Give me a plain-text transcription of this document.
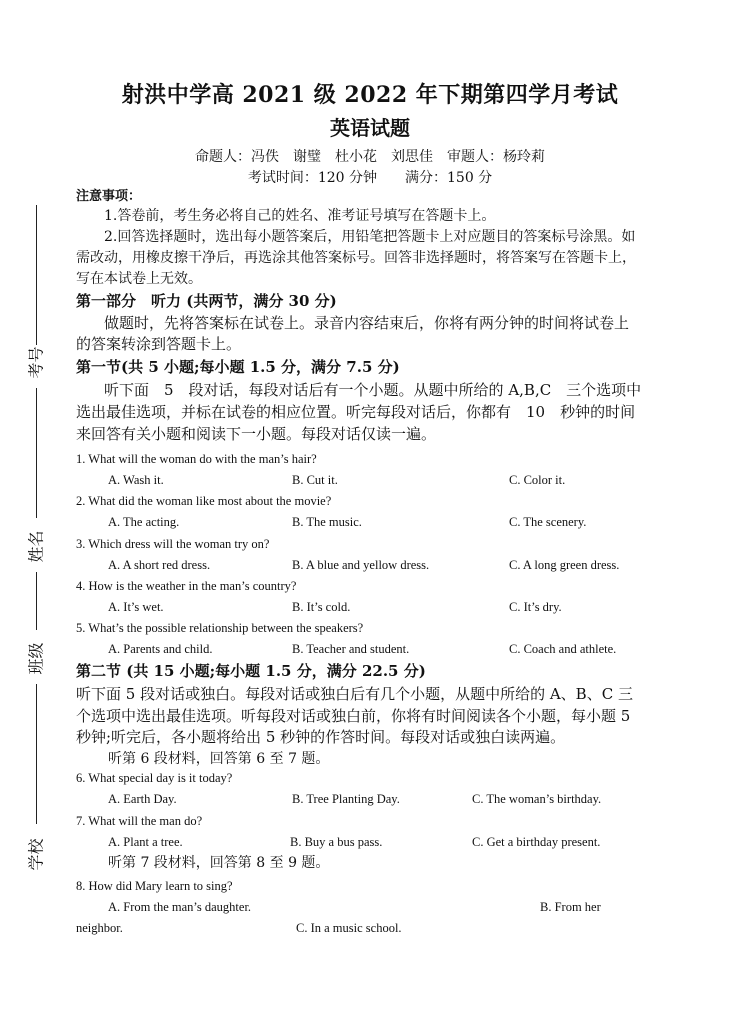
考号
姓名
班级
学校
射洪中学高 2021 级 2022 年下期第四学月考试
英语试题
命题人：冯佚　谢璧　杜小花　刘思佳　审题人：杨玲莉
考试时间：120 分钟　　满分：150 分
注意事项：
1.答卷前，考生务必将自己的姓名、准考证号填写在答题卡上。
2.回答选择题时，选出每小题答案后，用铅笔把答题卡上对应题目的答案标号涂黑。如
需改动，用橡皮擦干净后，再选涂其他答案标号。回答非选择题时，将答案写在答题卡上，
写在本试卷上无效。
第一部分　听力 (共两节，满分 30 分)
做题时，先将答案标在试卷上。录音内容结束后，你将有两分钟的时间将试卷上
的答案转涂到答题卡上。
第一节(共 5 小题;每小题 1.5 分，满分 7.5 分)
听下面　5　段对话，每段对话后有一个小题。从题中所给的 A,B,C　三个选项中
选出最佳选项，并标在试卷的相应位置。听完每段对话后，你都有　10　秒钟的时间
来回答有关小题和阅读下一小题。每段对话仅读一遍。
1. What will the woman do with the man’s hair?
A. Wash it.	B. Cut it.	C. Color it.
2. What did the woman like most about the movie?
A. The acting.	B. The music.	C. The scenery.
3. Which dress will the woman try on?
A. A short red dress.	B. A blue and yellow dress.	C. A long green dress.
4. How is the weather in the man’s country?
A. It’s wet.	B. It’s cold.	C. It’s dry.
5. What’s the possible relationship between the speakers?
A. Parents and child.	B. Teacher and student.	C. Coach and athlete.
第二节 (共 15 小题;每小题 1.5 分，满分 22.5 分)
听下面 5 段对话或独白。每段对话或独白后有几个小题，从题中所给的 A、B、C 三
个选项中选出最佳选项。听每段对话或独白前，你将有时间阅读各个小题，每小题 5
秒钟;听完后，各小题将给出 5 秒钟的作答时间。每段对话或独白读两遍。
听第 6 段材料，回答第 6 至 7 题。
6. What special day is it today?
A. Earth Day.	B. Tree Planting Day.	C. The woman’s birthday.
7. What will the man do?
A. Plant a tree.	B. Buy a bus pass.	C. Get a birthday present.
听第 7 段材料，回答第 8 至 9 题。
8. How did Mary learn to sing?
A. From the man’s daughter.	B. From her
neighbor.	C. In a music school.
